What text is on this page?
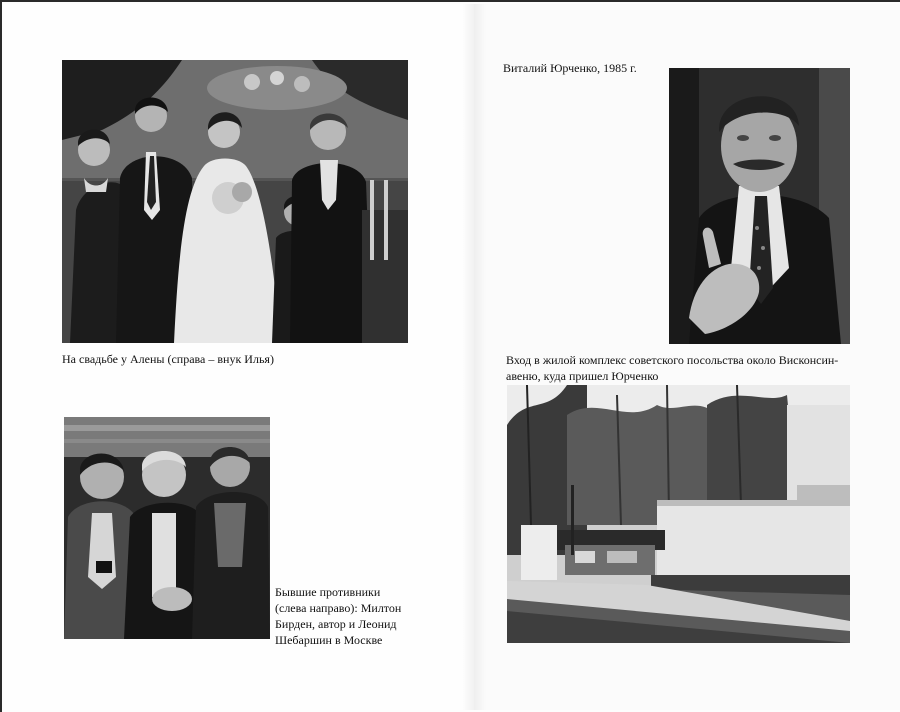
На свадьбе у Алены (справа – внук Илья)
Виталий Юрченко, 1985 г.
Вход в жилой комплекс советского посольства около Висконсин-
авеню, куда пришел Юрченко
Бывшие противники
(слева направо): Милтон
Бирден, автор и Леонид
Шебаршин в Москве
